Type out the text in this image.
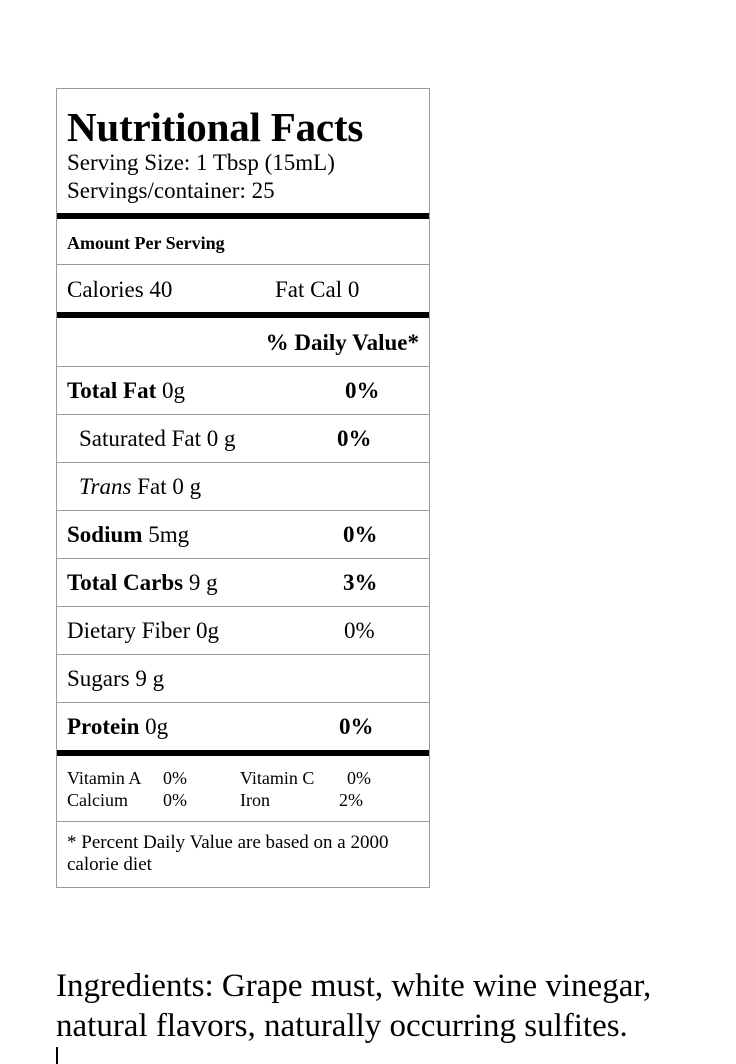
Nutritional Facts
Serving Size: 1 Tbsp (15mL)
Servings/container: 25
Amount Per Serving
Calories 40	Fat Cal 0
% Daily Value*
Total Fat 0g	0%
Saturated Fat 0 g	0%
Trans Fat 0 g
Sodium 5mg	0%
Total Carbs 9 g	3%
Dietary Fiber 0g	0%
Sugars 9 g
Protein 0g	0%
Vitamin A 0%	Vitamin C 0%
Calcium 0%	Iron	2%
* Percent Daily Value are based on a 2000 calorie diet
Ingredients: Grape must, white wine vinegar, natural flavors, naturally occurring sulfites.
